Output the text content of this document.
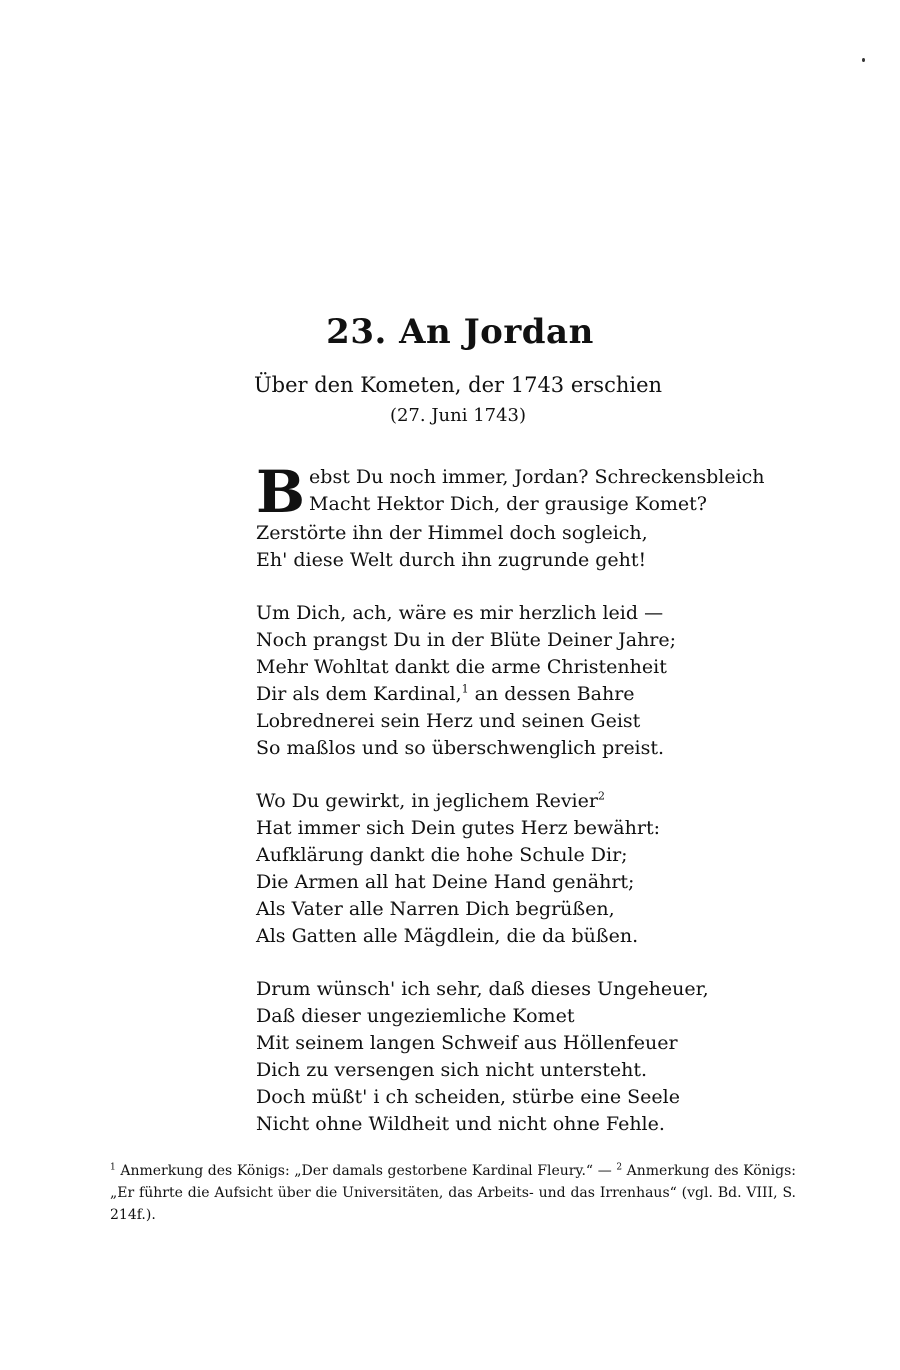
23. An Jordan
Über den Kometen, der 1743 erschien
(27. Juni 1743)
B ebst Du noch immer, Jordan? Schreckensbleich
Macht Hektor Dich, der grausige Komet?
Zerstörte ihn der Himmel doch sogleich,
Eh' diese Welt durch ihn zugrunde geht!
Um Dich, ach, wäre es mir herzlich leid —
Noch prangst Du in der Blüte Deiner Jahre;
Mehr Wohltat dankt die arme Christenheit
Dir als dem Kardinal,$^1$ an dessen Bahre
Lobrednerei sein Herz und seinen Geist
So maßlos und so überschwenglich preist.
Wo Du gewirkt, in jeglichem Revier$^2$
Hat immer sich Dein gutes Herz bewährt:
Aufklärung dankt die hohe Schule Dir;
Die Armen all hat Deine Hand genährt;
Als Vater alle Narren Dich begrüßen,
Als Gatten alle Mägdlein, die da büßen.
Drum wünsch' ich sehr, daß dieses Ungeheuer,
Daß dieser ungeziemliche Komet
Mit seinem langen Schweif aus Höllenfeuer
Dich zu versengen sich nicht untersteht.
Doch müßt' i ch scheiden, stürbe eine Seele
Nicht ohne Wildheit und nicht ohne Fehle.
$^1$ Anmerkung des Königs: „Der damals gestorbene Kardinal Fleury.“ — $^2$ Anmerkung des Königs: „Er führte die Aufsicht über die Universitäten, das Arbeits- und das Irrenhaus“ (vgl. Bd. VIII, S. 214f.).
